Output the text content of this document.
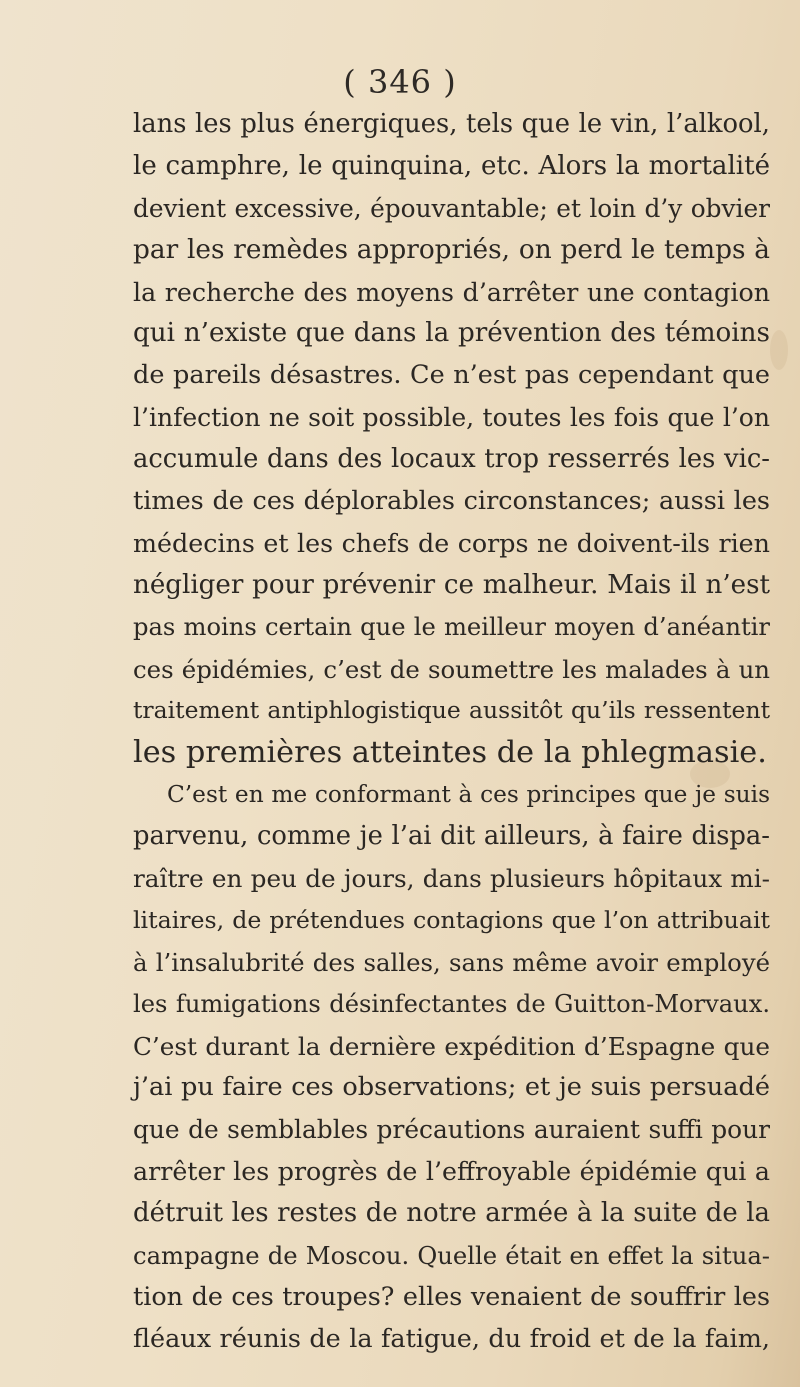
( 346 )
lans les plus énergiques, tels que le vin, l’alkool,
le camphre, le quinquina, etc. Alors la mortalité
devient excessive, épouvantable; et loin d’y obvier
par les remèdes appropriés, on perd le temps à
la recherche des moyens d’arrêter une contagion
qui n’existe que dans la prévention des témoins
de pareils désastres. Ce n’est pas cependant que
l’infection ne soit possible, toutes les fois que l’on
accumule dans des locaux trop resserrés les vic-
times de ces déplorables circonstances; aussi les
médecins et les chefs de corps ne doivent-ils rien
négliger pour prévenir ce malheur. Mais il n’est
pas moins certain que le meilleur moyen d’anéantir
ces épidémies, c’est de soumettre les malades à un
traitement antiphlogistique aussitôt qu’ils ressentent
les premières atteintes de la phlegmasie.
C’est en me conformant à ces principes que je suis
parvenu, comme je l’ai dit ailleurs, à faire dispa-
raître en peu de jours, dans plusieurs hôpitaux mi-
litaires, de prétendues contagions que l’on attribuait
à l’insalubrité des salles, sans même avoir employé
les fumigations désinfectantes de Guitton-Morvaux.
C’est durant la dernière expédition d’Espagne que
j’ai pu faire ces observations; et je suis persuadé
que de semblables précautions auraient suffi pour
arrêter les progrès de l’effroyable épidémie qui a
détruit les restes de notre armée à la suite de la
campagne de Moscou. Quelle était en effet la situa-
tion de ces troupes? elles venaient de souffrir les
fléaux réunis de la fatigue, du froid et de la faim,
